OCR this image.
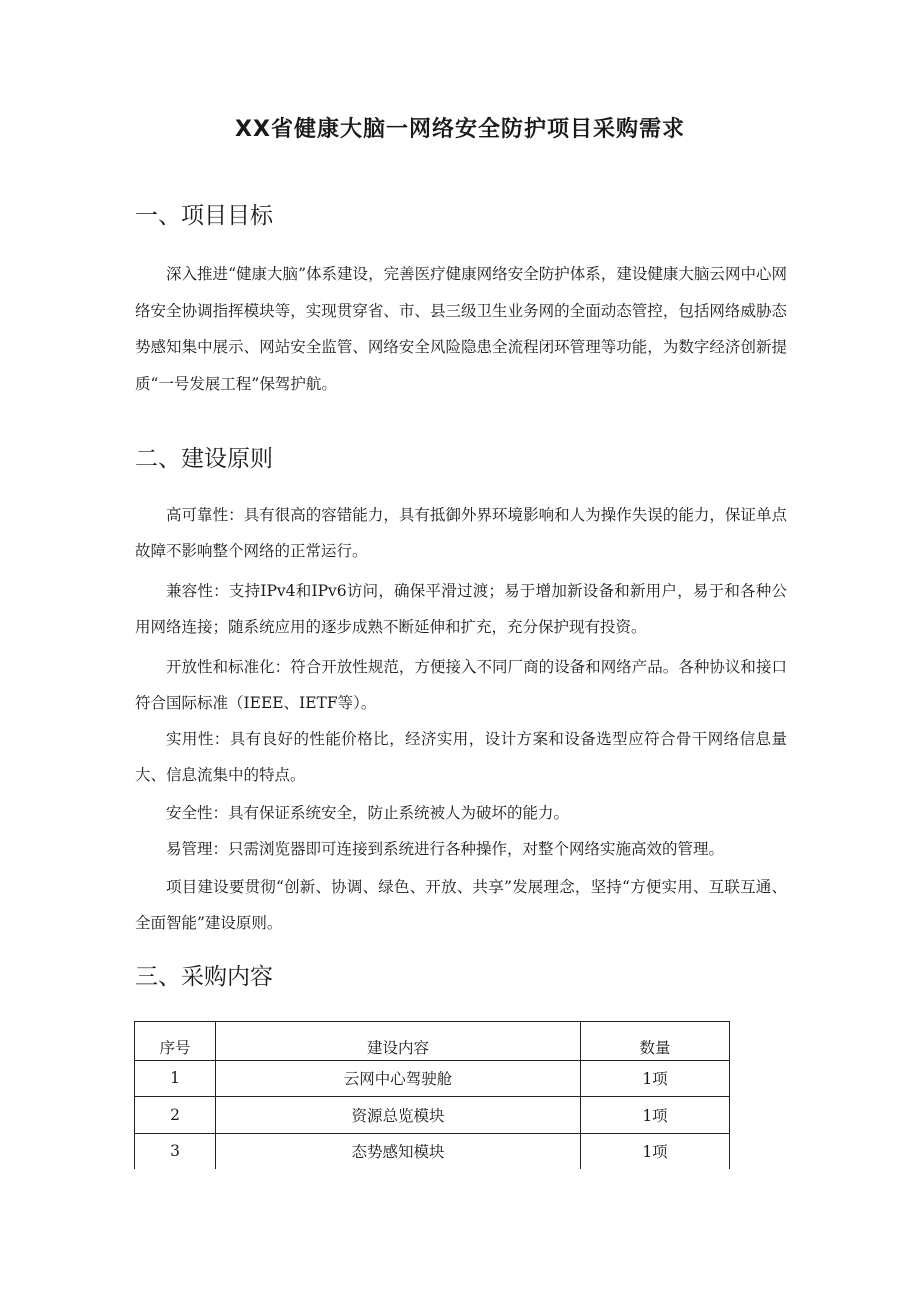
XX省健康大脑一网络安全防护项目采购需求
一、项目目标

深入推进“健康大脑”体系建设，完善医疗健康网络安全防护体系，建设健康大脑云网中心网络安全协调指挥模块等，实现贯穿省、市、县三级卫生业务网的全面动态管控，包括网络威胁态势感知集中展示、网站安全监管、网络安全风险隐患全流程闭环管理等功能，为数字经济创新提质“一号发展工程”保驾护航。

二、建设原则

高可靠性：具有很高的容错能力，具有抵御外界环境影响和人为操作失误的能力，保证单点故障不影响整个网络的正常运行。

兼容性：支持IPv4和IPv6访问，确保平滑过渡；易于增加新设备和新用户，易于和各种公用网络连接；随系统应用的逐步成熟不断延伸和扩充，充分保护现有投资。

开放性和标准化：符合开放性规范，方便接入不同厂商的设备和网络产品。各种协议和接口符合国际标准（IEEE、IETF等）。

实用性：具有良好的性能价格比，经济实用，设计方案和设备选型应符合骨干网络信息量大、信息流集中的特点。

安全性：具有保证系统安全，防止系统被人为破坏的能力。

易管理：只需浏览器即可连接到系统进行各种操作，对整个网络实施高效的管理。

项目建设要贯彻“创新、协调、绿色、开放、共享”发展理念，坚持“方便实用、互联互通、全面智能”建设原则。

三、采购内容
序号	建设内容	数量
1	云网中心驾驶舱	1项
2	资源总览模块	1项
3	态势感知模块	1项
